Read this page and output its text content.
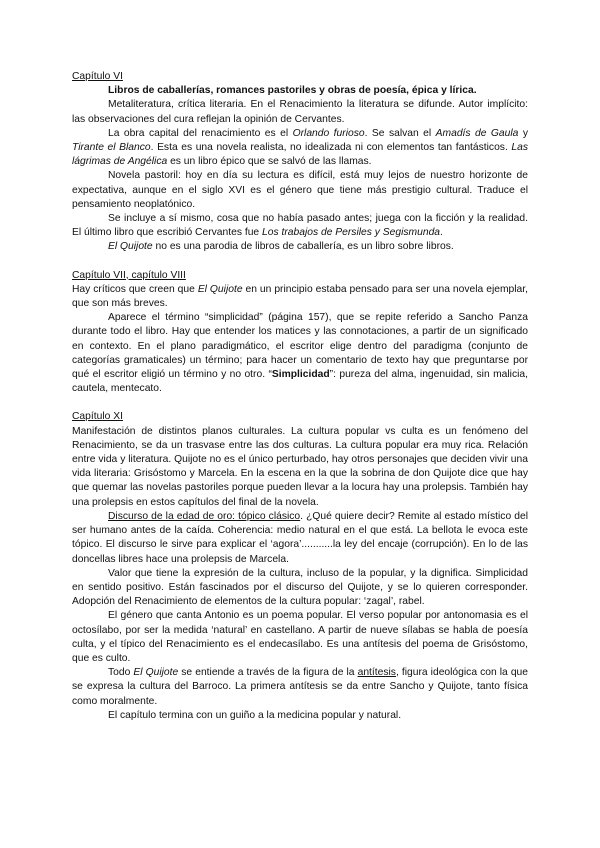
Capítulo VI

Libros de caballerías, romances pastoriles y obras de poesía, épica y lírica.

Metaliteratura, crítica literaria. En el Renacimiento la literatura se difunde. Autor implícito: las observaciones del cura reflejan la opinión de Cervantes.

La obra capital del renacimiento es el Orlando furioso. Se salvan el Amadís de Gaula y Tirante el Blanco. Esta es una novela realista, no idealizada ni con elementos tan fantásticos. Las lágrimas de Angélica es un libro épico que se salvó de las llamas.

Novela pastoril: hoy en día su lectura es difícil, está muy lejos de nuestro horizonte de expectativa, aunque en el siglo XVI es el género que tiene más prestigio cultural. Traduce el pensamiento neoplatónico.

Se incluye a sí mismo, cosa que no había pasado antes; juega con la ficción y la realidad. El último libro que escribió Cervantes fue Los trabajos de Persiles y Segismunda.

El Quijote no es una parodia de libros de caballería, es un libro sobre libros.

Capítulo VII, capítulo VIII

Hay críticos que creen que El Quijote en un principio estaba pensado para ser una novela ejemplar, que son más breves.

Aparece el término “simplicidad” (página 157), que se repite referido a Sancho Panza durante todo el libro. Hay que entender los matices y las connotaciones, a partir de un significado en contexto. En el plano paradigmático, el escritor elige dentro del paradigma (conjunto de categorías gramaticales) un término; para hacer un comentario de texto hay que preguntarse por qué el escritor eligió un término y no otro. “Simplicidad”: pureza del alma, ingenuidad, sin malicia, cautela, mentecato.

Capítulo XI

Manifestación de distintos planos culturales. La cultura popular vs culta es un fenómeno del Renacimiento, se da un trasvase entre las dos culturas. La cultura popular era muy rica. Relación entre vida y literatura. Quijote no es el único perturbado, hay otros personajes que deciden vivir una vida literaria: Grisóstomo y Marcela. En la escena en la que la sobrina de don Quijote dice que hay que quemar las novelas pastoriles porque pueden llevar a la locura hay una prolepsis. También hay una prolepsis en estos capítulos del final de la novela.

Discurso de la edad de oro: tópico clásico. ¿Qué quiere decir? Remite al estado místico del ser humano antes de la caída. Coherencia: medio natural en el que está. La bellota le evoca este tópico. El discurso le sirve para explicar el ‘agora’...........la ley del encaje (corrupción). En lo de las doncellas libres hace una prolepsis de Marcela.

Valor que tiene la expresión de la cultura, incluso de la popular, y la dignifica. Simplicidad en sentido positivo. Están fascinados por el discurso del Quijote, y se lo quieren corresponder. Adopción del Renacimiento de elementos de la cultura popular: ‘zagal’, rabel.

El género que canta Antonio es un poema popular. El verso popular por antonomasia es el octosílabo, por ser la medida ‘natural’ en castellano. A partir de nueve sílabas se habla de poesía culta, y el típico del Renacimiento es el endecasílabo. Es una antítesis del poema de Grisóstomo, que es culto.

Todo El Quijote se entiende a través de la figura de la antítesis, figura ideológica con la que se expresa la cultura del Barroco. La primera antítesis se da entre Sancho y Quijote, tanto física como moralmente.

El capítulo termina con un guiño a la medicina popular y natural.
